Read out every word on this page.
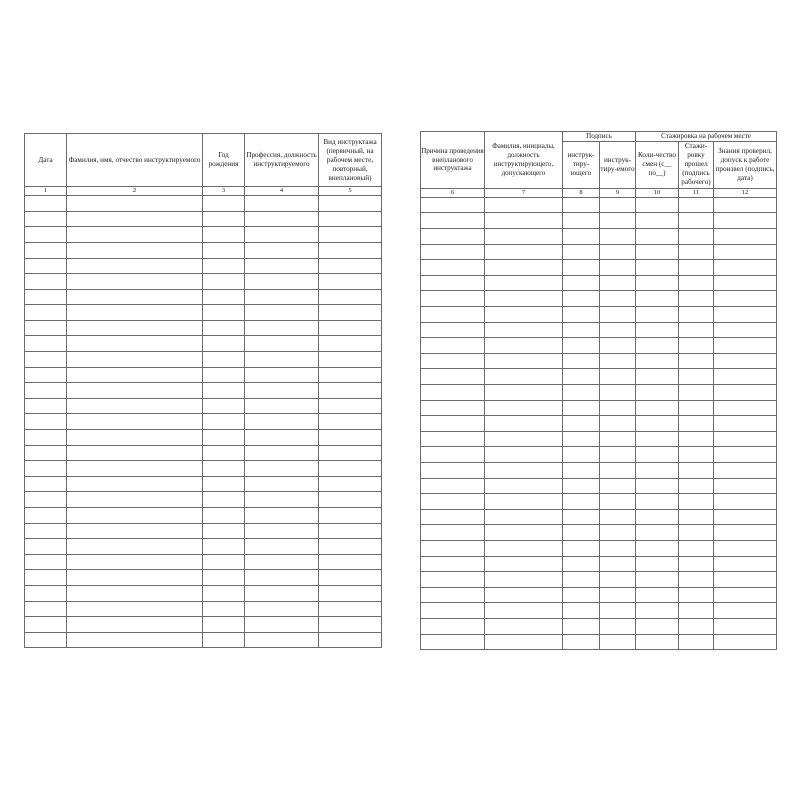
Дата	Фамилия, имя, отчество инструктируемого	Год рождения	Профессия, должность инструктируемого	Вид инструктажа (первичный, на рабочем месте, повторный, внеплановый)
1	2	3	4	5

Причина проведения внепланового инструктажа	Фамилия, инициалы, должность инструктирующего, допускающего	Подпись		Стажировка на рабочем месте		
		инструк-тиру-ющего	инструк-тиру-емого	Коли-чество смен (с__ по__)	Стажи-ровку прошел (подпись рабочего)	Знания проверил, допуск к работе произвел (подпись, дата)
6	7	8	9	10	11	12
